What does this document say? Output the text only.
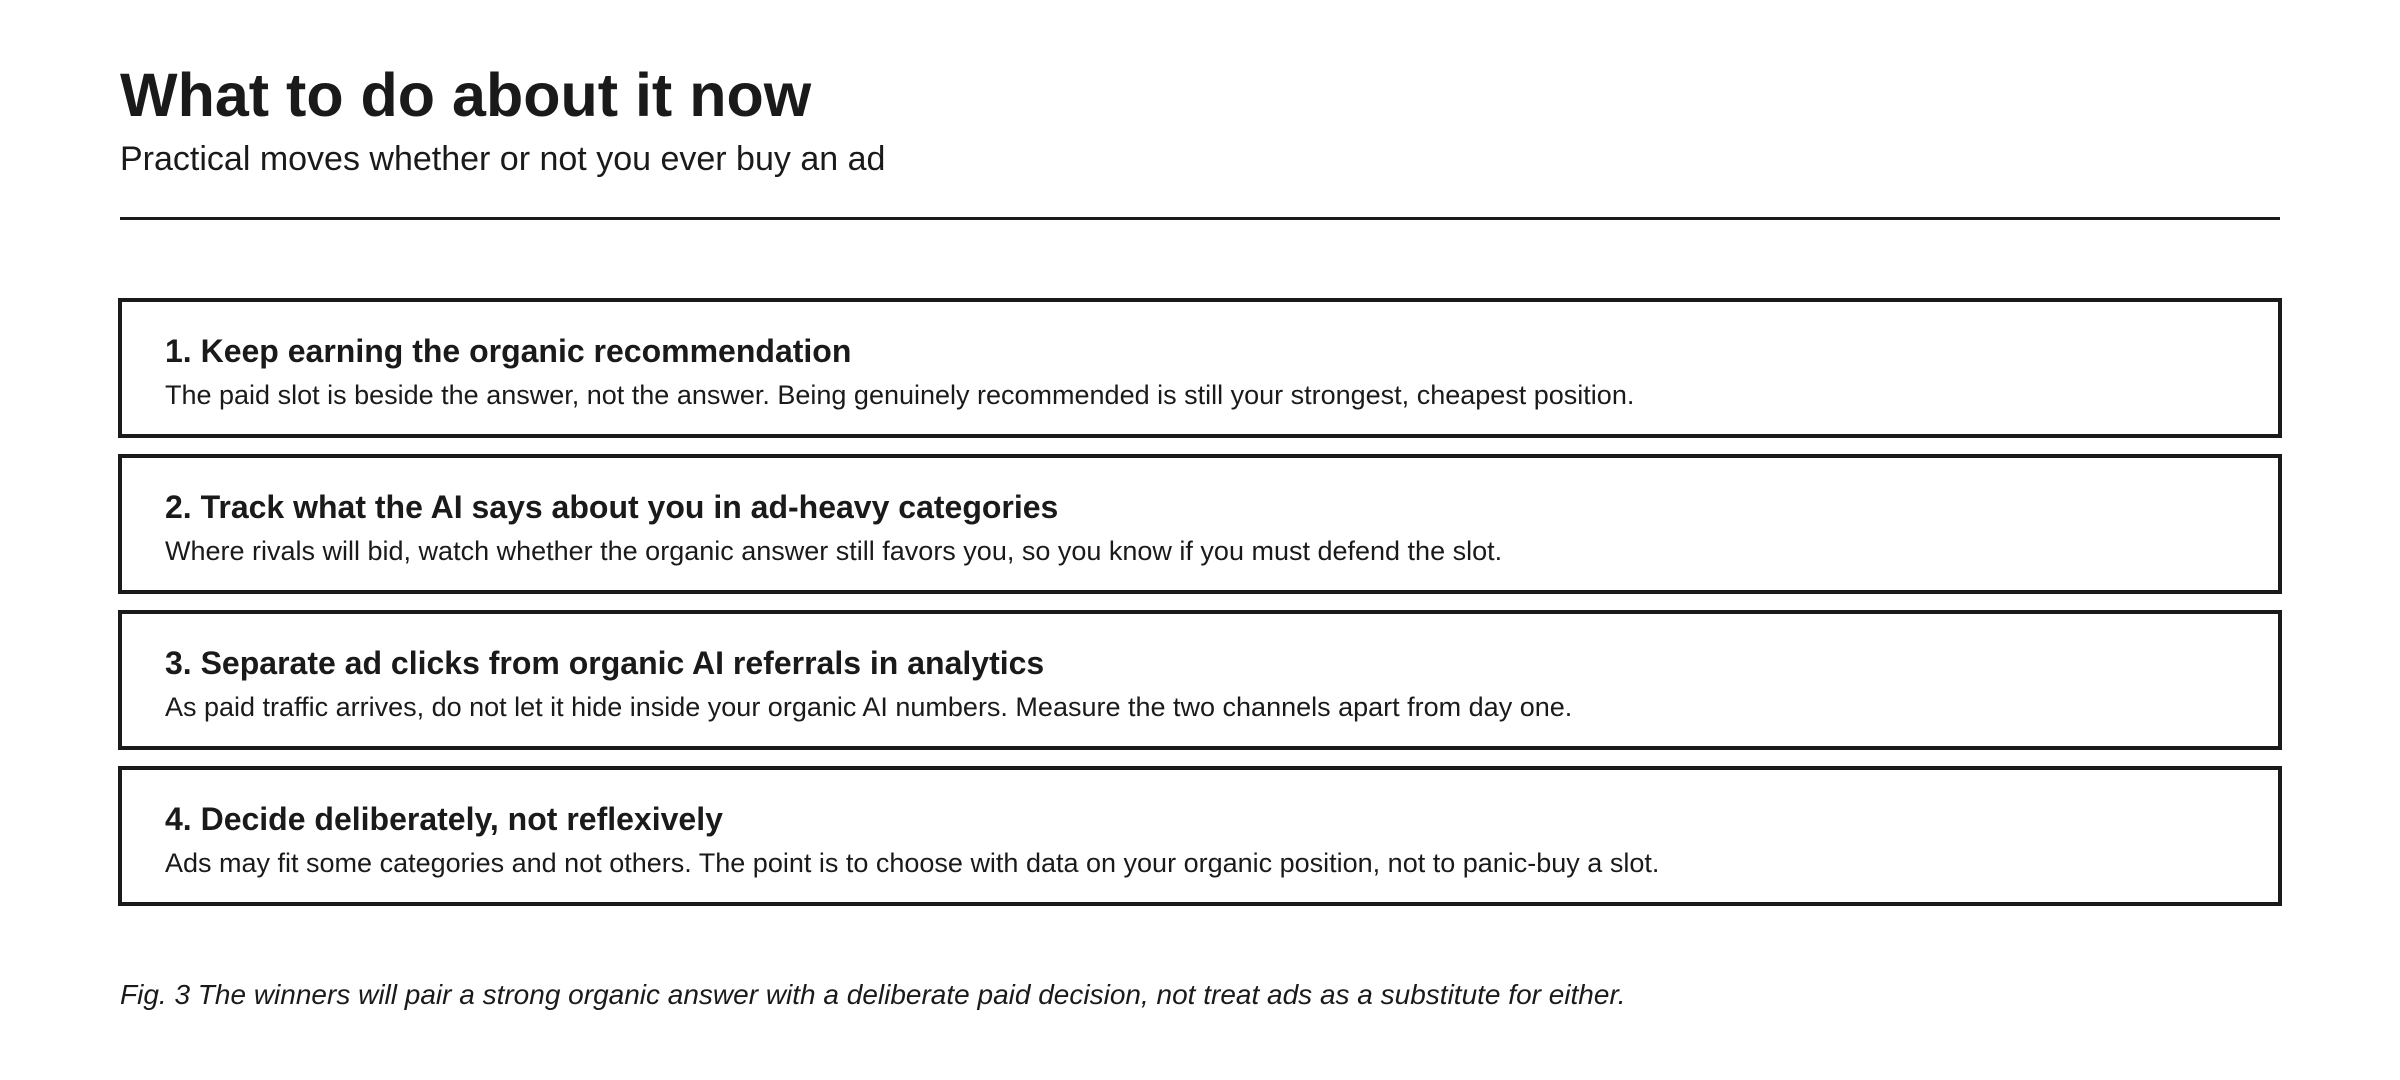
What to do about it now

Practical moves whether or not you ever buy an ad

1. Keep earning the organic recommendation

The paid slot is beside the answer, not the answer. Being genuinely recommended is still your strongest, cheapest position.

2. Track what the AI says about you in ad-heavy categories

Where rivals will bid, watch whether the organic answer still favors you, so you know if you must defend the slot.

3. Separate ad clicks from organic AI referrals in analytics

As paid traffic arrives, do not let it hide inside your organic AI numbers. Measure the two channels apart from day one.

4. Decide deliberately, not reflexively

Ads may fit some categories and not others. The point is to choose with data on your organic position, not to panic-buy a slot.

Fig. 3 The winners will pair a strong organic answer with a deliberate paid decision, not treat ads as a substitute for either.
